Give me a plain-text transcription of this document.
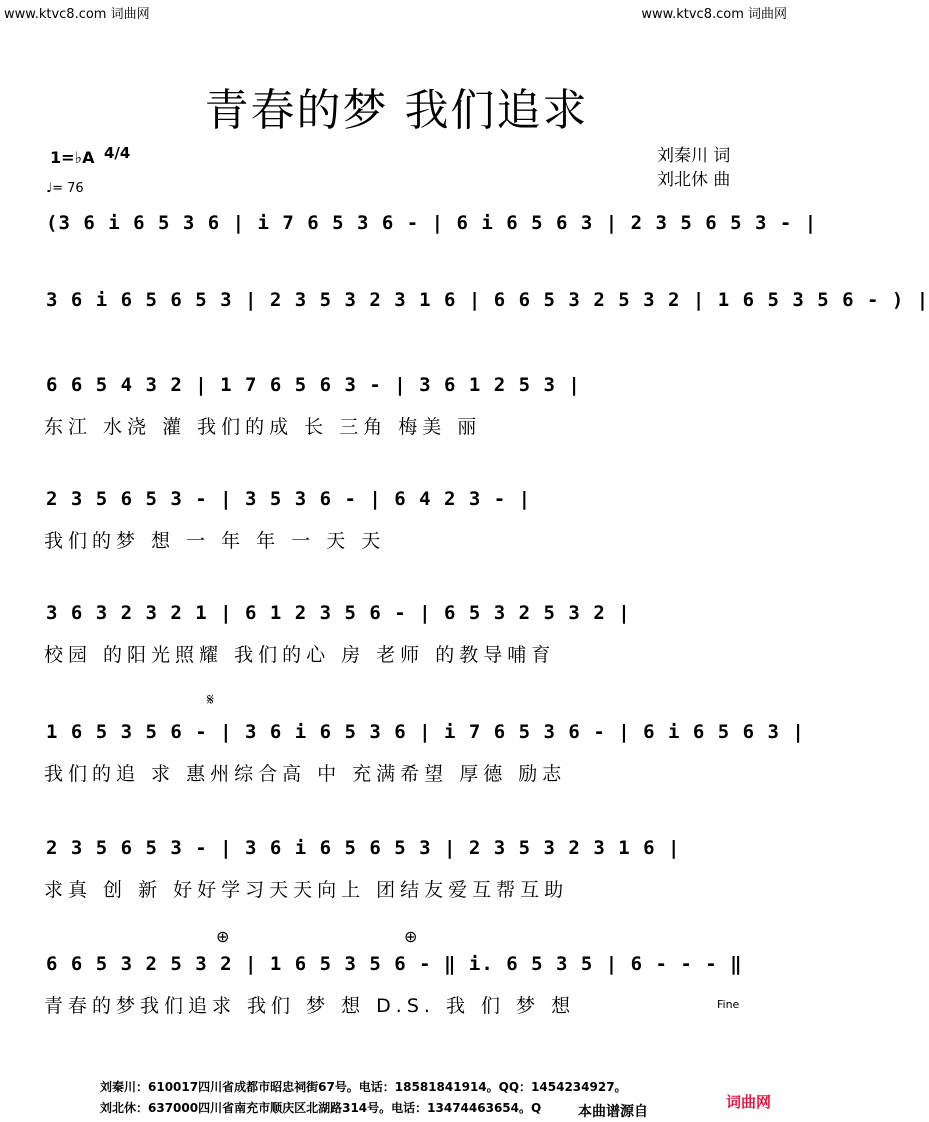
www.ktvc8.com 词曲网	www.ktvc8.com 词曲网
青春的梦 我们追求
刘秦川 词
刘北休 曲
1=♭A 4/4
♩= 76
𝄋
⊕	⊕
Fine
(3 6 i 6 5 3 6 | i 7 6 5 3 6 - | 6 i 6 5 6 3 | 2 3 5 6 5 3 - |
3 6 i 6 5 6 5 3 | 2 3 5 3 2 3 1 6 | 6 6 5 3 2 5 3 2 | 1 6 5 3 5 6 - ) |
6 6 5 4 3 2 | 1 7 6 5 6 3 - | 3 6 1 2 5 3 |
东江 水浇 灌 我们的成 长 三角 梅美 丽
2 3 5 6 5 3 - | 3 5 3 6 - | 6 4 2 3 - |
我们的梦 想 一 年 年 一 天 天
3 6 3 2 3 2 1 | 6 1 2 3 5 6 - | 6 5 3 2 5 3 2 |
校园 的阳光照耀 我们的心 房 老师 的教导哺育
1 6 5 3 5 6 - | 3 6 i 6 5 3 6 | i 7 6 5 3 6 - | 6 i 6 5 6 3 |
我们的追 求 惠州综合高 中 充满希望 厚德 励志
2 3 5 6 5 3 - | 3 6 i 6 5 6 5 3 | 2 3 5 3 2 3 1 6 |
求真 创 新 好好学习天天向上 团结友爱互帮互助
6 6 5 3 2 5 3 2 | 1 6 5 3 5 6 - ‖ i. 6 5 3 5 | 6 - - - ‖
青春的梦我们追求 我们 梦 想 D.S. 我 们 梦 想
刘秦川：610017四川省成都市昭忠祠街67号。电话：18581841914。QQ：1454234927。
刘北休：637000四川省南充市顺庆区北湖路314号。电话：13474463654。Q	本曲谱源自
词曲网
